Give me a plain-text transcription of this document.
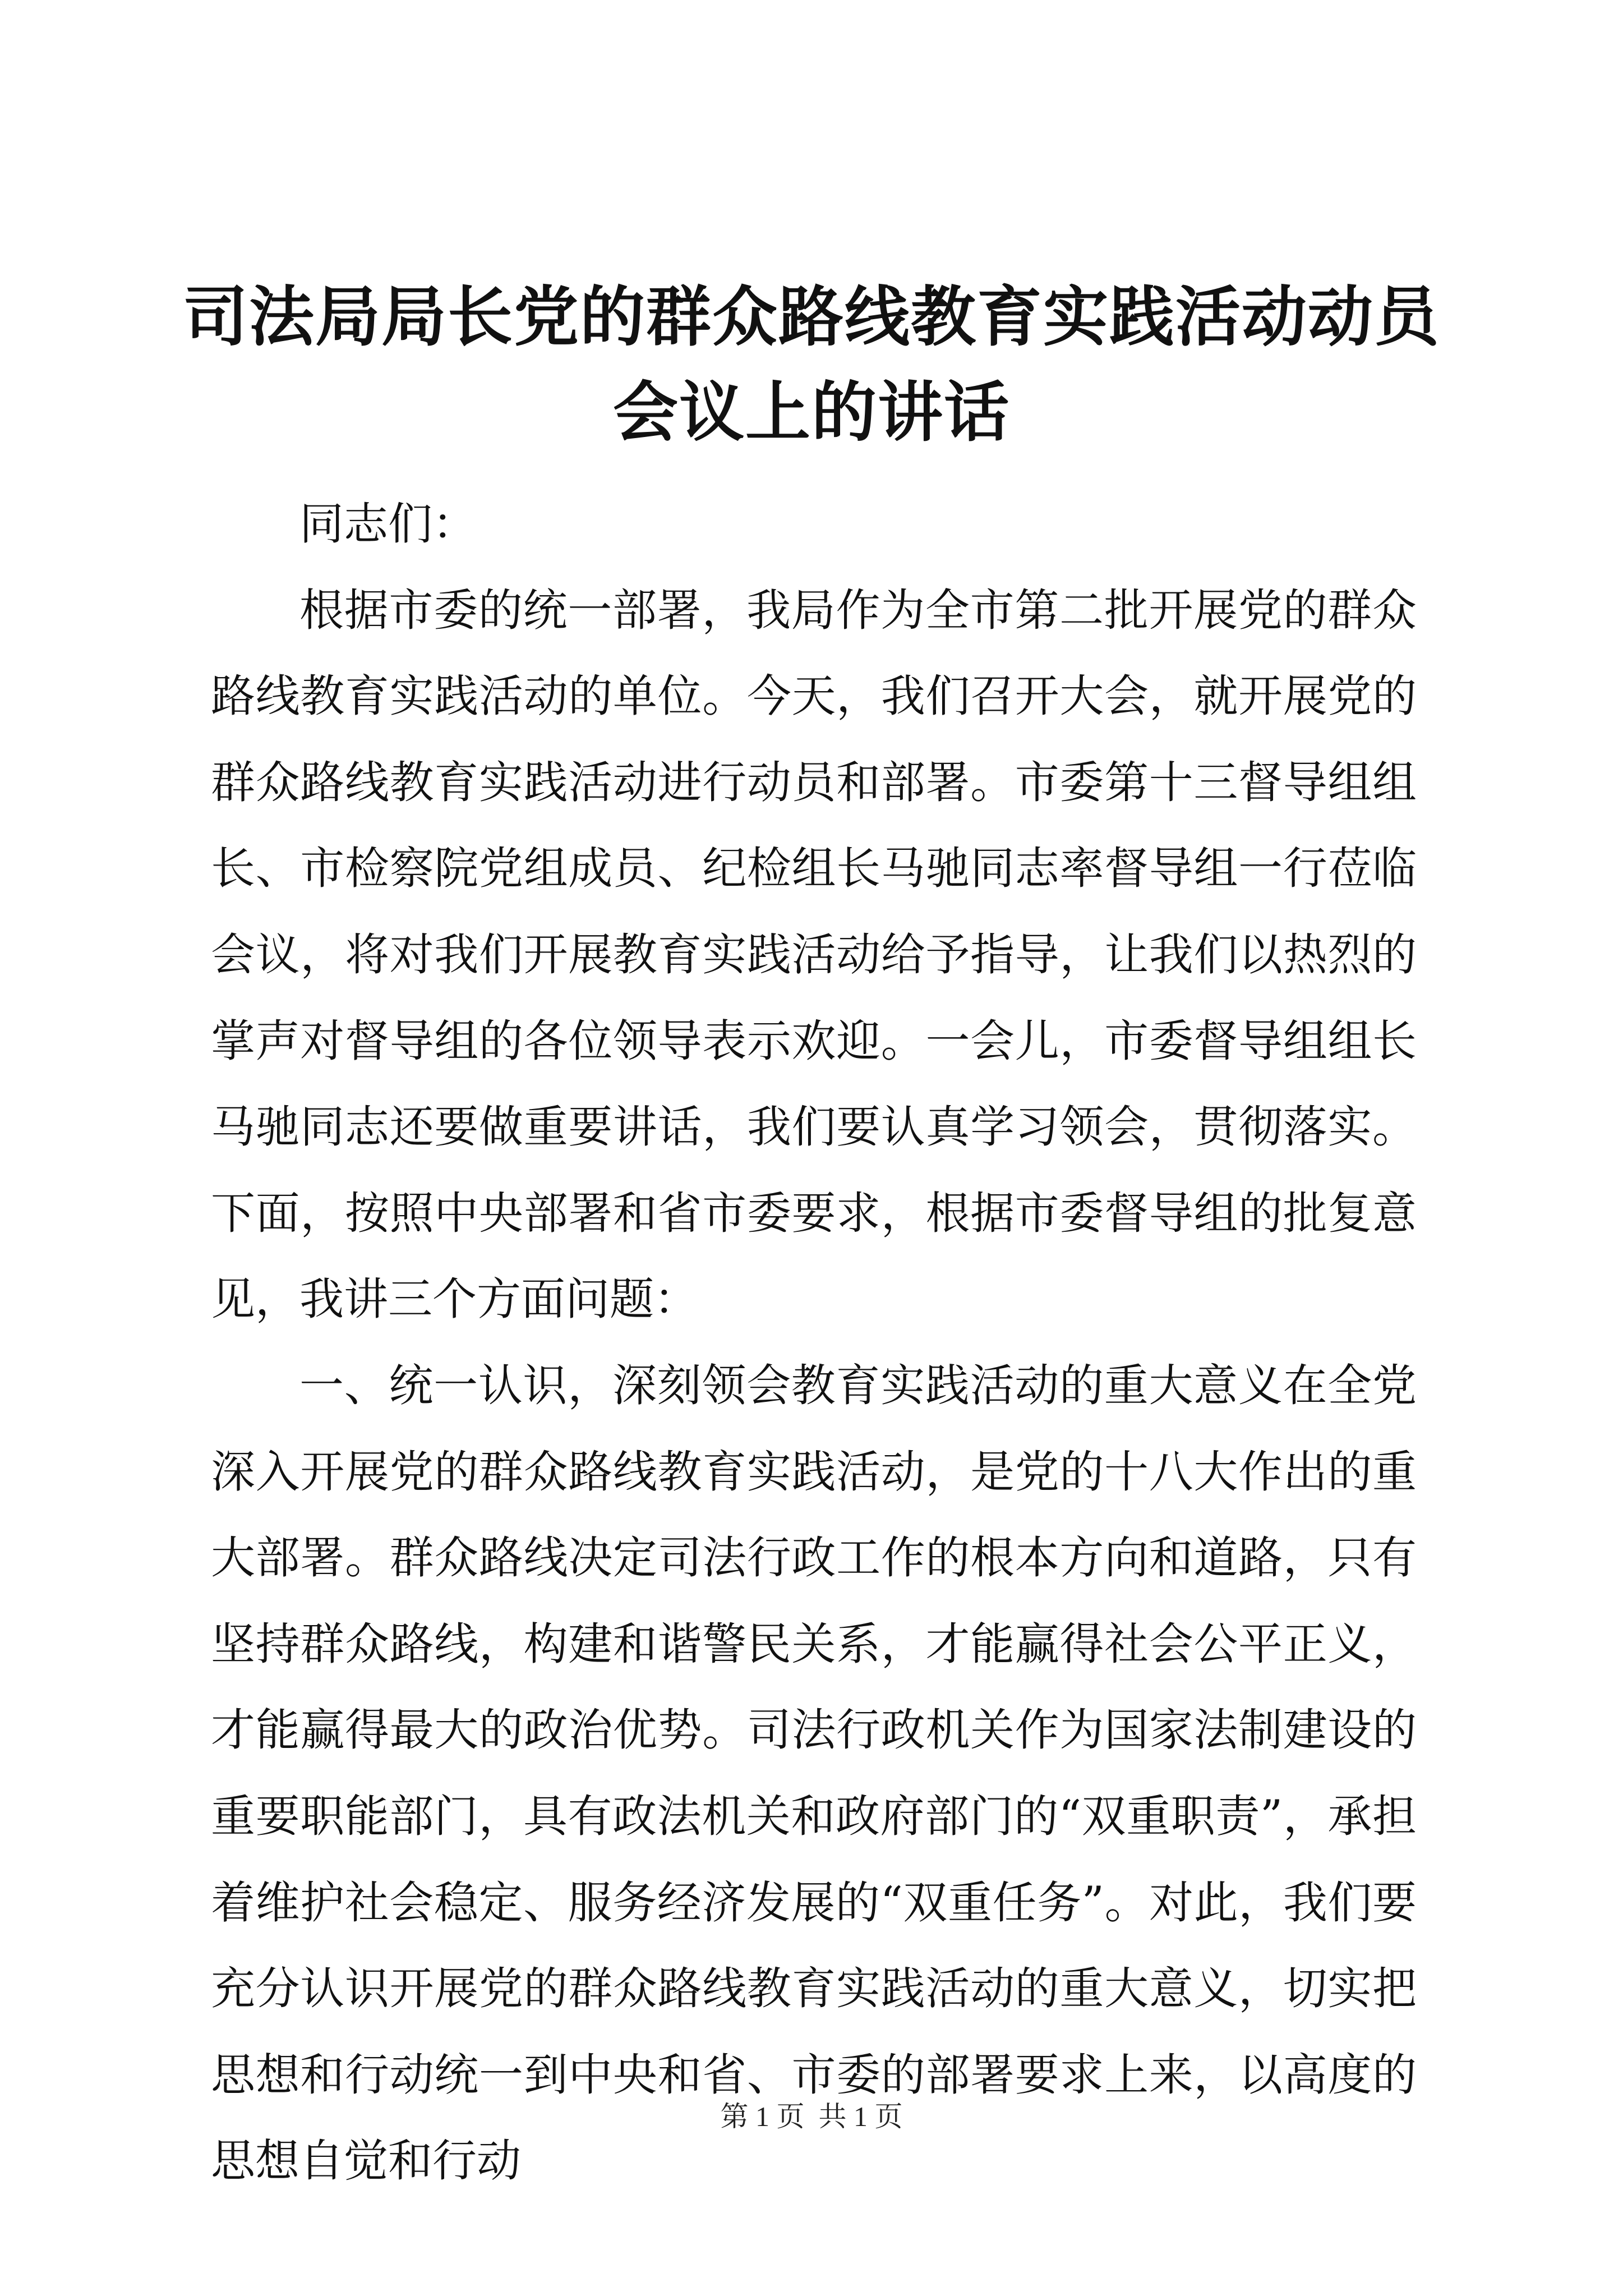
司法局局长党的群众路线教育实践活动动员会议上的讲话

同志们：

根据市委的统一部署，我局作为全市第二批开展党的群众路线教育实践活动的单位。今天，我们召开大会，就开展党的群众路线教育实践活动进行动员和部署。市委第十三督导组组长、市检察院党组成员、纪检组长马驰同志率督导组一行莅临会议，将对我们开展教育实践活动给予指导，让我们以热烈的掌声对督导组的各位领导表示欢迎。一会儿，市委督导组组长马驰同志还要做重要讲话，我们要认真学习领会，贯彻落实。下面，按照中央部署和省市委要求，根据市委督导组的批复意见，我讲三个方面问题：

一、统一认识，深刻领会教育实践活动的重大意义在全党深入开展党的群众路线教育实践活动，是党的十八大作出的重大部署。群众路线决定司法行政工作的根本方向和道路，只有坚持群众路线，构建和谐警民关系，才能赢得社会公平正义，才能赢得最大的政治优势。司法行政机关作为国家法制建设的重要职能部门，具有政法机关和政府部门的“双重职责”，承担着维护社会稳定、服务经济发展的“双重任务”。对此，我们要充分认识开展党的群众路线教育实践活动的重大意义，切实把思想和行动统一到中央和省、市委的部署要求上来，以高度的思想自觉和行动

第 1 页  共 1 页
